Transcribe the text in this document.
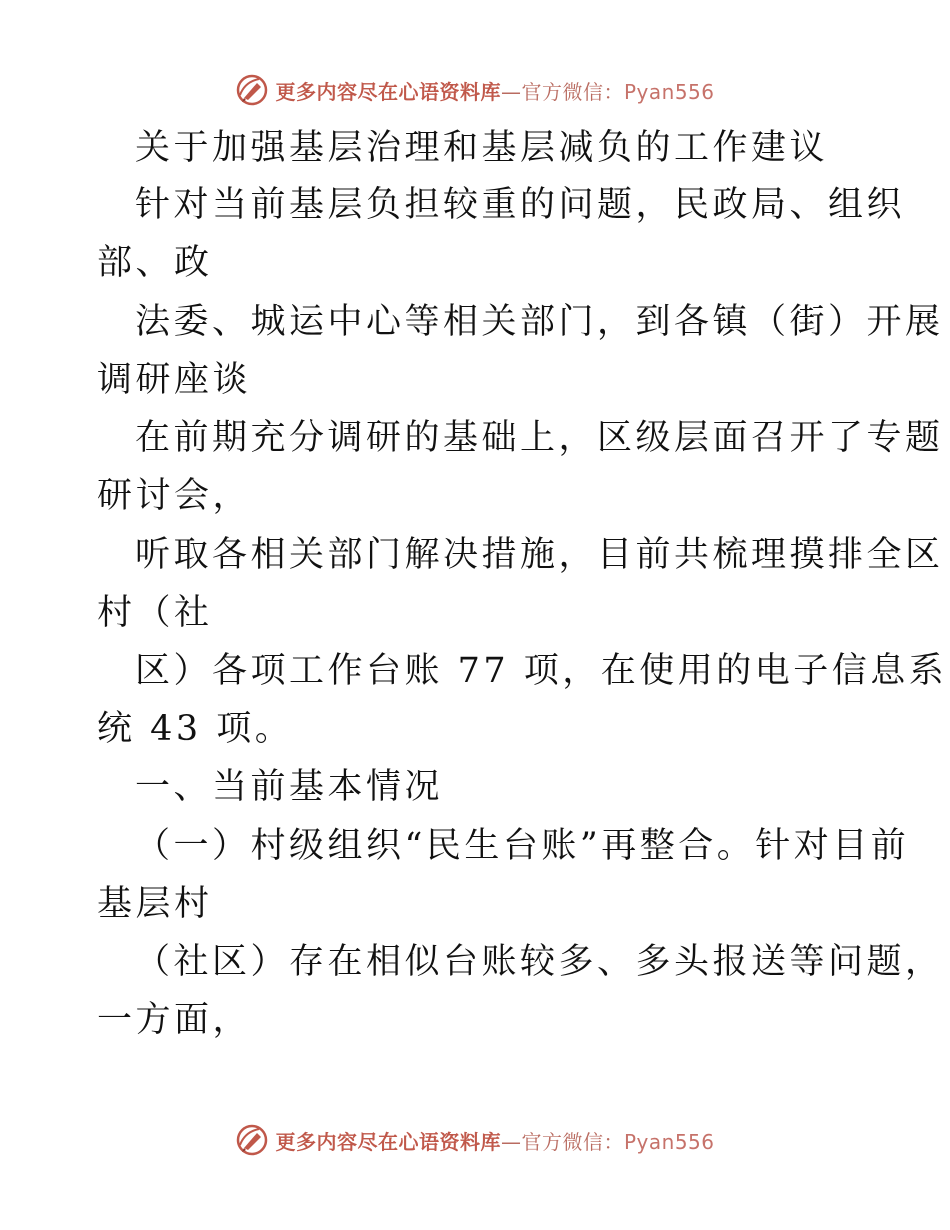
更多内容尽在心语资料库—官方微信：Pyan556
关于加强基层治理和基层减负的工作建议
针对当前基层负担较重的问题，民政局、组织
部、政
法委、城运中心等相关部门，到各镇（街）开展
调研座谈
在前期充分调研的基础上，区级层面召开了专题
研讨会，
听取各相关部门解决措施，目前共梳理摸排全区
村（社
区）各项工作台账 77 项，在使用的电子信息系
统 43 项。
一、当前基本情况
（一）村级组织“民生台账”再整合。针对目前
基层村
（社区）存在相似台账较多、多头报送等问题，
一方面，
更多内容尽在心语资料库—官方微信：Pyan556
